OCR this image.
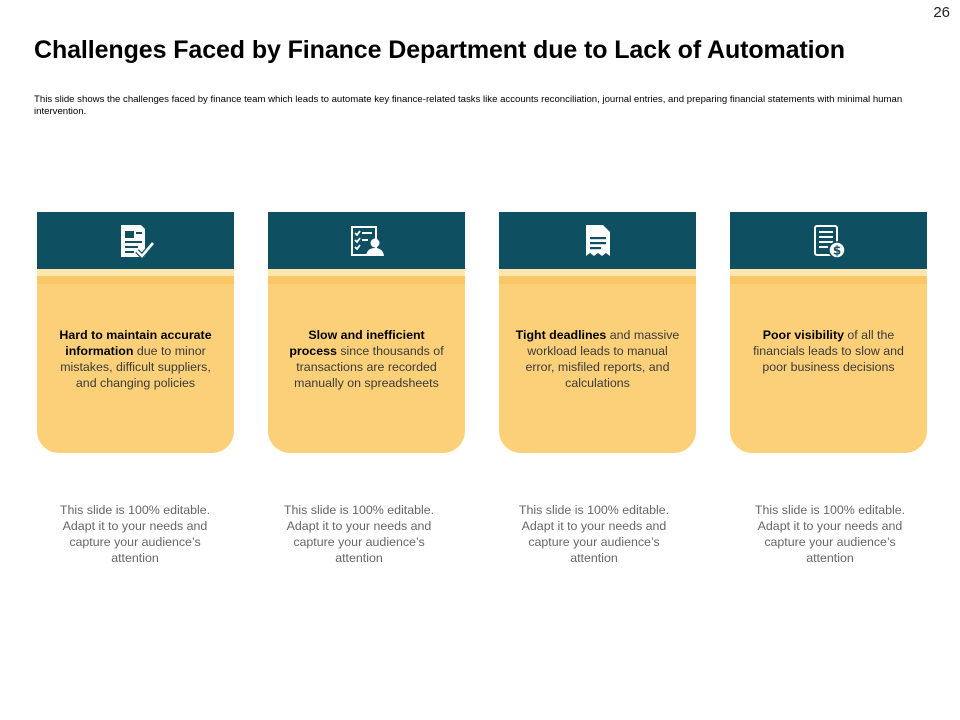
26
Challenges Faced by Finance Department due to Lack of Automation

This slide shows the challenges faced by finance team which leads to automate key finance-related tasks like accounts reconciliation, journal entries, and preparing financial statements with minimal human intervention.

Hard to maintain accurate information due to minor mistakes, difficult suppliers, and changing policies
Slow and inefficient process since thousands of transactions are recorded manually on spreadsheets
Tight deadlines and massive workload leads to manual error, misfiled reports, and calculations
$
Poor visibility of all the financials leads to slow and poor business decisions
This slide is 100% editable. Adapt it to your needs and capture your audience’s attention
This slide is 100% editable. Adapt it to your needs and capture your audience’s attention
This slide is 100% editable. Adapt it to your needs and capture your audience’s attention
This slide is 100% editable. Adapt it to your needs and capture your audience’s attention
